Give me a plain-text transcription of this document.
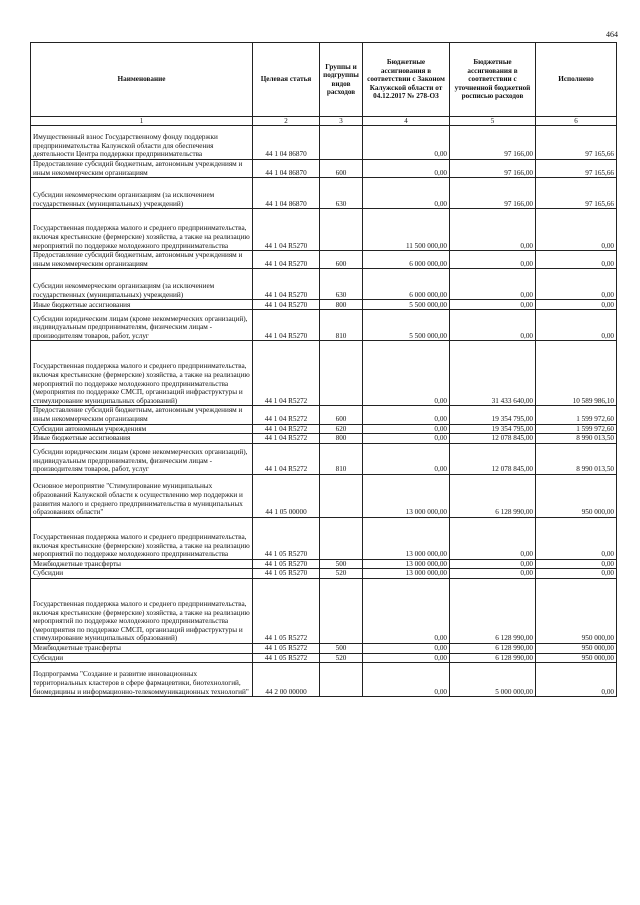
464
Наименование	Целевая статья	Группы и подгруппы видов расходов	Бюджетные ассигнования в соответствии с Законом Калужской области от 04.12.2017 № 278-ОЗ	Бюджетные ассигнования в соответствии с уточненной бюджетной росписью расходов	Исполнено
1	2	3	4	5	6
Имущественный взнос Государственному фонду поддержки предпринимательства Калужской области для обеспечения деятельности Центра поддержки предпринимательства	44 1 04 86870		0,00	97 166,00	97 165,66
Предоставление субсидий бюджетным, автономным учреждениям и иным некоммерческим организациям	44 1 04 86870	600	0,00	97 166,00	97 165,66
Субсидии некоммерческим организациям (за исключением государственных (муниципальных) учреждений)	44 1 04 86870	630	0,00	97 166,00	97 165,66
Государственная поддержка малого и среднего предпринимательства, включая крестьянские (фермерские) хозяйства, а также на реализацию мероприятий по поддержке молодежного предпринимательства	44 1 04 R5270		11 500 000,00	0,00	0,00
Предоставление субсидий бюджетным, автономным учреждениям и иным некоммерческим организациям	44 1 04 R5270	600	6 000 000,00	0,00	0,00
Субсидии некоммерческим организациям (за исключением государственных (муниципальных) учреждений)	44 1 04 R5270	630	6 000 000,00	0,00	0,00
Иные бюджетные ассигнования	44 1 04 R5270	800	5 500 000,00	0,00	0,00
Субсидии юридическим лицам (кроме некоммерческих организаций), индивидуальным предпринимателям, физическим лицам - производителям товаров, работ, услуг	44 1 04 R5270	810	5 500 000,00	0,00	0,00
Государственная поддержка малого и среднего предпринимательства, включая крестьянские (фермерские) хозяйства, а также на реализацию мероприятий по поддержке молодежного предпринимательства (мероприятия по поддержке СМСП, организаций инфраструктуры и стимулирование муниципальных образований)	44 1 04 R5272		0,00	31 433 640,00	10 589 986,10
Предоставление субсидий бюджетным, автономным учреждениям и иным некоммерческим организациям	44 1 04 R5272	600	0,00	19 354 795,00	1 599 972,60
Субсидии автономным учреждениям	44 1 04 R5272	620	0,00	19 354 795,00	1 599 972,60
Иные бюджетные ассигнования	44 1 04 R5272	800	0,00	12 078 845,00	8 990 013,50
Субсидии юридическим лицам (кроме некоммерческих организаций), индивидуальным предпринимателям, физическим лицам - производителям товаров, работ, услуг	44 1 04 R5272	810	0,00	12 078 845,00	8 990 013,50
Основное мероприятие "Стимулирование муниципальных образований Калужской области к осуществлению мер поддержки и развития малого и среднего предпринимательства в муниципальных образованиях области"	44 1 05 00000		13 000 000,00	6 128 990,00	950 000,00
Государственная поддержка малого и среднего предпринимательства, включая крестьянские (фермерские) хозяйства, а также на реализацию мероприятий по поддержке молодежного предпринимательства	44 1 05 R5270		13 000 000,00	0,00	0,00
Межбюджетные трансферты	44 1 05 R5270	500	13 000 000,00	0,00	0,00
Субсидии	44 1 05 R5270	520	13 000 000,00	0,00	0,00
Государственная поддержка малого и среднего предпринимательства, включая крестьянские (фермерские) хозяйства, а также на реализацию мероприятий по поддержке молодежного предпринимательства (мероприятия по поддержке СМСП, организаций инфраструктуры и стимулирование муниципальных образований)	44 1 05 R5272		0,00	6 128 990,00	950 000,00
Межбюджетные трансферты	44 1 05 R5272	500	0,00	6 128 990,00	950 000,00
Субсидии	44 1 05 R5272	520	0,00	6 128 990,00	950 000,00
Подпрограмма "Создание и развитие инновационных территориальных кластеров в сфере фармацевтики, биотехнологий, биомедицины и информационно-телекоммуникационных технологий"	44 2 00 00000		0,00	5 000 000,00	0,00
